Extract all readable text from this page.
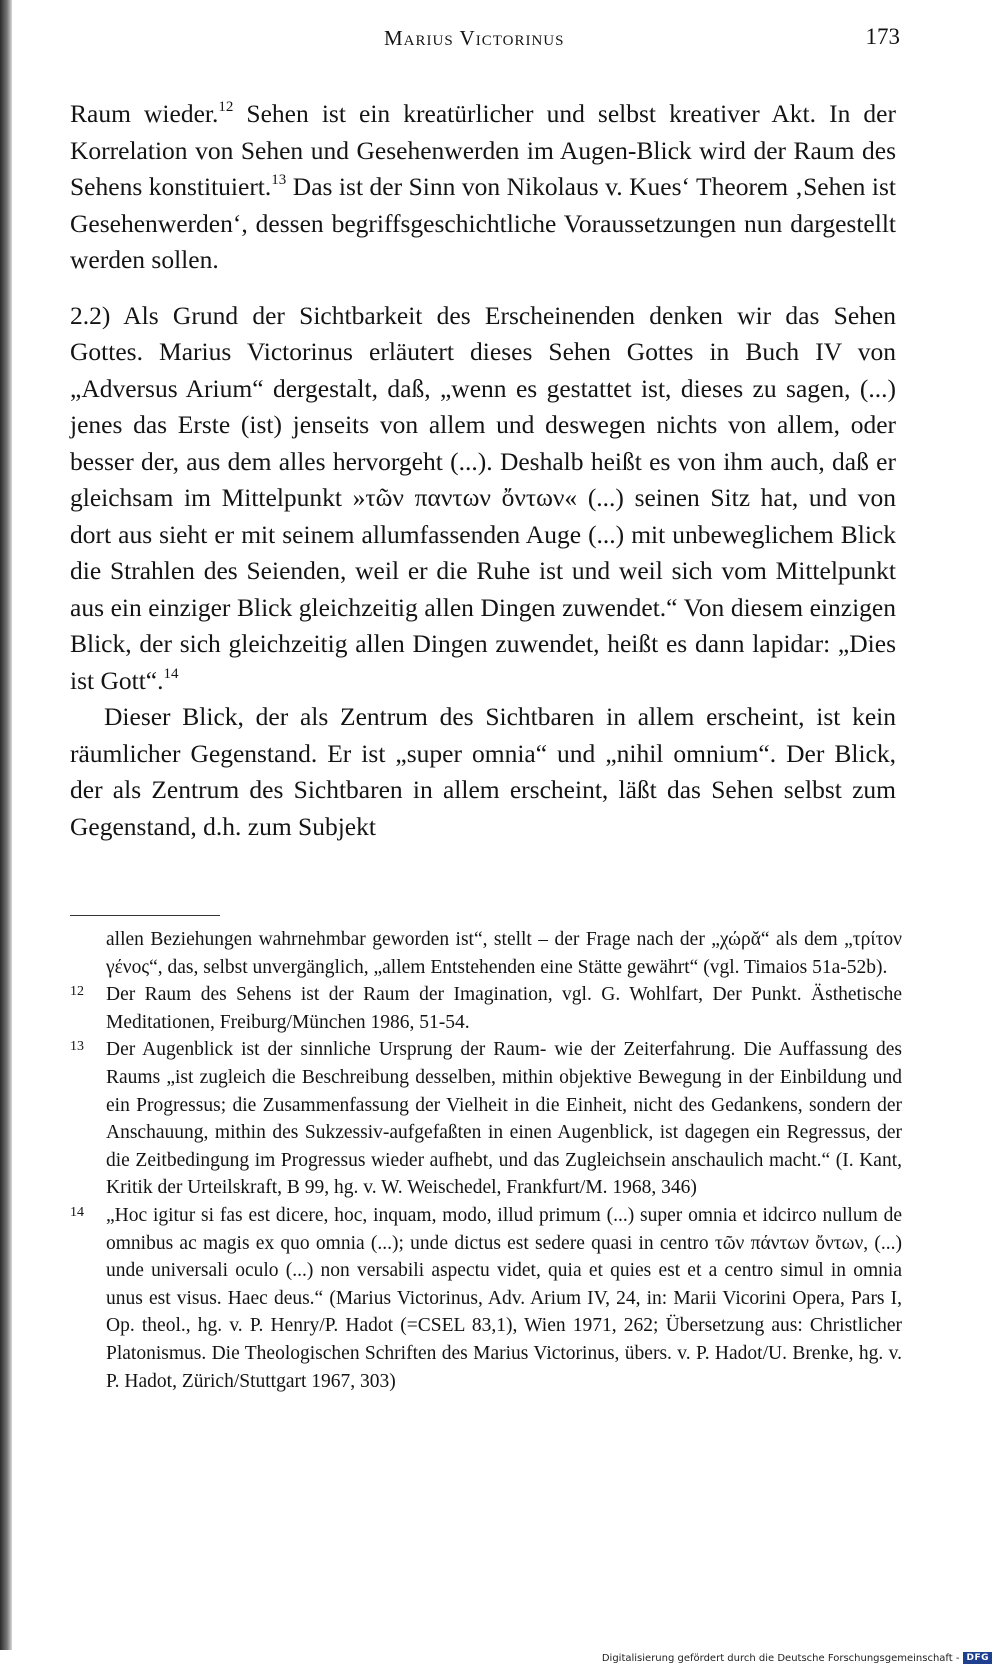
Marius Victorinus	173

Raum wieder.$^{12}$ Sehen ist ein kreatürlicher und selbst kreativer Akt. In der Korrelation von Sehen und Gesehenwerden im Augen-Blick wird der Raum des Sehens konstituiert.$^{13}$ Das ist der Sinn von Nikolaus v. Kues‘ Theorem ‚Sehen ist Gesehenwerden‘, dessen begriffsgeschichtliche Voraussetzungen nun dargestellt werden sollen.

2.2) Als Grund der Sichtbarkeit des Erscheinenden denken wir das Sehen Gottes. Marius Victorinus erläutert dieses Sehen Gottes in Buch IV von „Adversus Arium“ dergestalt, daß, „wenn es gestattet ist, dieses zu sagen, (...) jenes das Erste (ist) jenseits von allem und deswegen nichts von allem, oder besser der, aus dem alles hervorgeht (...). Deshalb heißt es von ihm auch, daß er gleichsam im Mittelpunkt »τῶν παντων ὄντων« (...) seinen Sitz hat, und von dort aus sieht er mit seinem allumfassenden Auge (...) mit unbeweglichem Blick die Strahlen des Seienden, weil er die Ruhe ist und weil sich vom Mittelpunkt aus ein einziger Blick gleichzeitig allen Dingen zuwendet.“ Von diesem einzigen Blick, der sich gleichzeitig allen Dingen zuwendet, heißt es dann lapidar: „Dies ist Gott“.$^{14}$

Dieser Blick, der als Zentrum des Sichtbaren in allem erscheint, ist kein räumlicher Gegenstand. Er ist „super omnia“ und „nihil omnium“. Der Blick, der als Zentrum des Sichtbaren in allem erscheint, läßt das Sehen selbst zum Gegenstand, d.h. zum Subjekt

allen Beziehungen wahrnehmbar geworden ist“, stellt – der Frage nach der „χώρᾰ“ als dem „τρίτον γένος“, das, selbst unvergänglich, „allem Entstehenden eine Stätte gewährt“ (vgl. Timaios 51a-52b).
12	Der Raum des Sehens ist der Raum der Imagination, vgl. G. Wohlfart, Der Punkt. Ästhetische Meditationen, Freiburg/München 1986, 51-54.
13	Der Augenblick ist der sinnliche Ursprung der Raum- wie der Zeiterfahrung. Die Auffassung des Raums „ist zugleich die Beschreibung desselben, mithin objektive Bewegung in der Einbildung und ein Progressus; die Zusammenfassung der Vielheit in die Einheit, nicht des Gedankens, sondern der Anschauung, mithin des Sukzessiv-aufgefaßten in einen Augenblick, ist dagegen ein Regressus, der die Zeitbedingung im Progressus wieder aufhebt, und das Zugleichsein anschaulich macht.“ (I. Kant, Kritik der Urteilskraft, B 99, hg. v. W. Weischedel, Frankfurt/M. 1968, 346)
14	„Hoc igitur si fas est dicere, hoc, inquam, modo, illud primum (...) super omnia et idcirco nullum de omnibus ac magis ex quo omnia (...); unde dictus est sedere quasi in centro τῶν πάντων ὄντων, (...) unde universali oculo (...) non versabili aspectu videt, quia et quies est et a centro simul in omnia unus est visus. Haec deus.“ (Marius Victorinus, Adv. Arium IV, 24, in: Marii Vicorini Opera, Pars I, Op. theol., hg. v. P. Henry/P. Hadot (=CSEL 83,1), Wien 1971, 262; Übersetzung aus: Christlicher Platonismus. Die Theologischen Schriften des Marius Victorinus, übers. v. P. Hadot/U. Brenke, hg. v. P. Hadot, Zürich/Stuttgart 1967, 303)
Digitalisierung gefördert durch die Deutsche Forschungsgemeinschaft - DFG
